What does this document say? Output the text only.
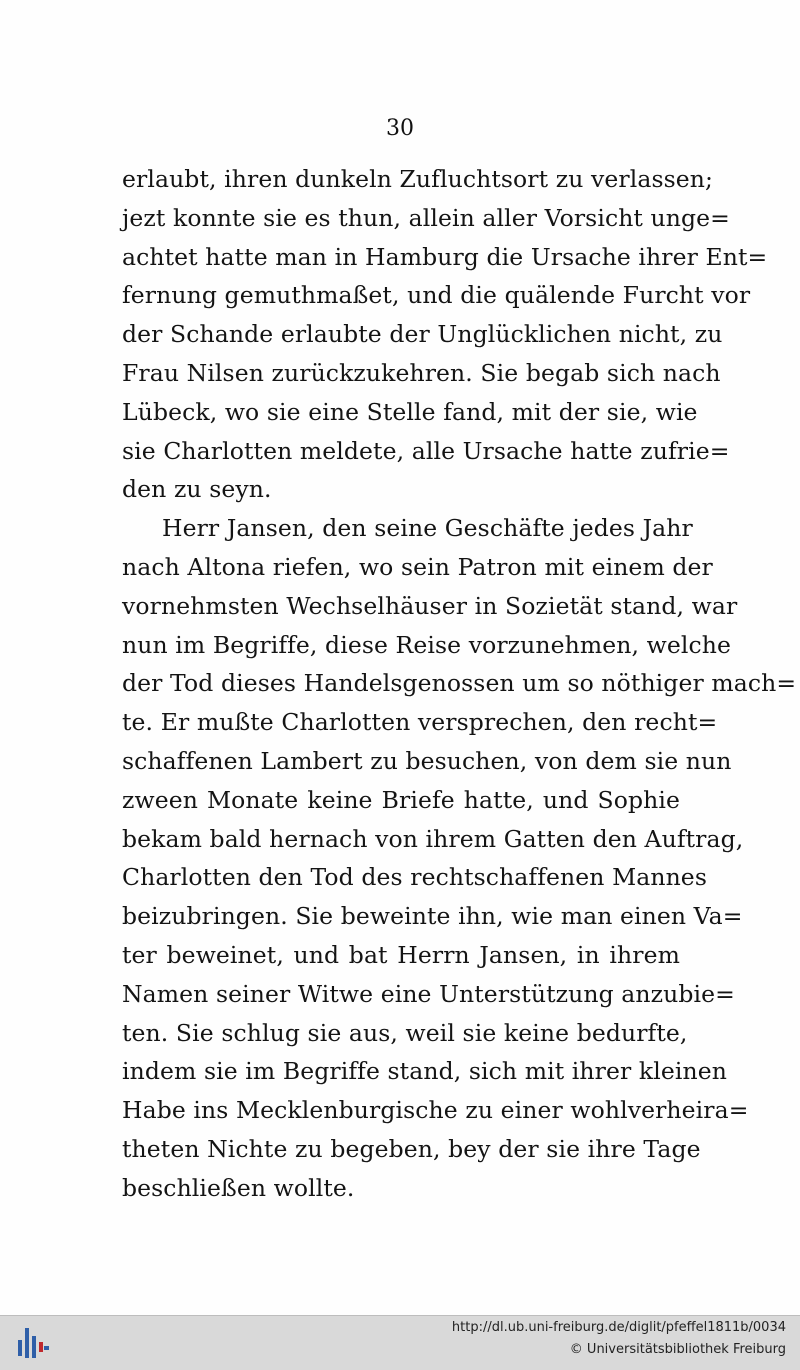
30
erlaubt, ihren dunkeln Zufluchtsort zu verlassen;
jezt konnte sie es thun, allein aller Vorsicht unge=
achtet hatte man in Hamburg die Ursache ihrer Ent=
fernung gemuthmaßet, und die quälende Furcht vor
der Schande erlaubte der Unglücklichen nicht, zu
Frau Nilsen zurückzukehren. Sie begab sich nach
Lübeck, wo sie eine Stelle fand, mit der sie, wie
sie Charlotten meldete, alle Ursache hatte zufrie=
den zu seyn.
Herr Jansen, den seine Geschäfte jedes Jahr
nach Altona riefen, wo sein Patron mit einem der
vornehmsten Wechselhäuser in Sozietät stand, war
nun im Begriffe, diese Reise vorzunehmen, welche
der Tod dieses Handelsgenossen um so nöthiger mach=
te. Er mußte Charlotten versprechen, den recht=
schaffenen Lambert zu besuchen, von dem sie nun
zween Monate keine Briefe hatte, und Sophie
bekam bald hernach von ihrem Gatten den Auftrag,
Charlotten den Tod des rechtschaffenen Mannes
beizubringen. Sie beweinte ihn, wie man einen Va=
ter beweinet, und bat Herrn Jansen, in ihrem
Namen seiner Witwe eine Unterstützung anzubie=
ten. Sie schlug sie aus, weil sie keine bedurfte,
indem sie im Begriffe stand, sich mit ihrer kleinen
Habe ins Mecklenburgische zu einer wohlverheira=
theten Nichte zu begeben, bey der sie ihre Tage
beschließen wollte.
http://dl.ub.uni-freiburg.de/diglit/pfeffel1811b/0034
© Universitätsbibliothek Freiburg
